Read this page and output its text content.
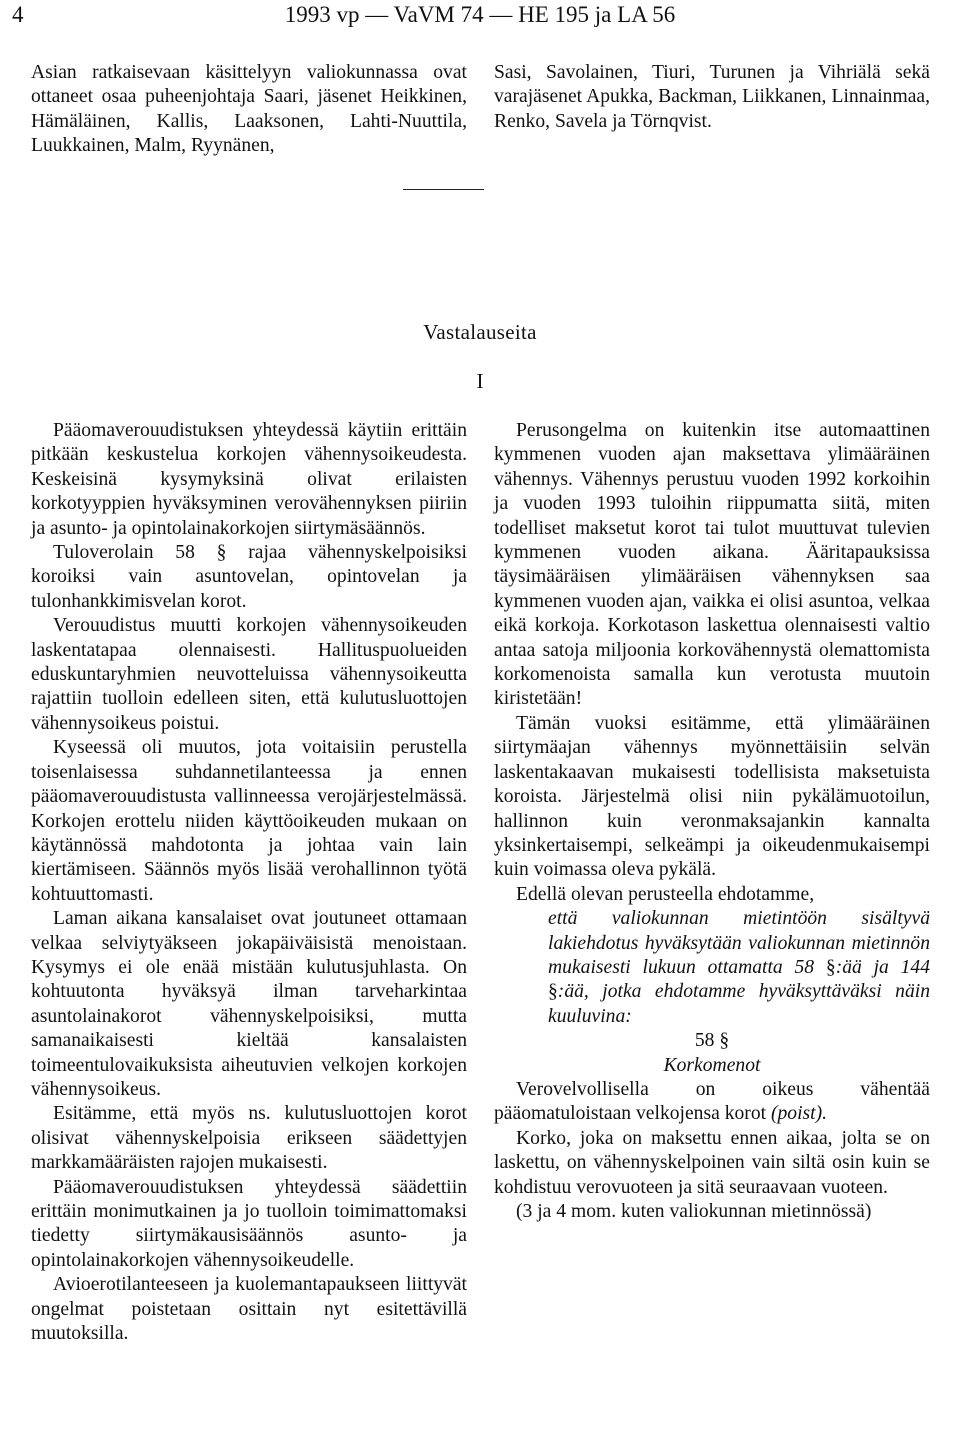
4	1993 vp — VaVM 74 — HE 195 ja LA 56

Asian ratkaisevaan käsittelyyn valiokunnassa ovat ottaneet osaa puheenjohtaja Saari, jäsenet Heikkinen, Hämäläinen, Kallis, Laaksonen, Lahti-Nuuttila, Luukkainen, Malm, Ryynänen,

Sasi, Savolainen, Tiuri, Turunen ja Vihriälä sekä varajäsenet Apukka, Backman, Liikkanen, Linnainmaa, Renko, Savela ja Törnqvist.

Vastalauseita
I

Pääomaverouudistuksen yhteydessä käytiin erittäin pitkään keskustelua korkojen vähennysoikeudesta. Keskeisinä kysymyksinä olivat erilaisten korkotyyppien hyväksyminen verovähennyksen piiriin ja asunto- ja opintolainakorkojen siirtymäsäännös.

Tuloverolain 58 § rajaa vähennyskelpoisiksi koroiksi vain asuntovelan, opintovelan ja tulonhankkimisvelan korot.

Verouudistus muutti korkojen vähennysoikeuden laskentatapaa olennaisesti. Hallituspuolueiden eduskuntaryhmien neuvotteluissa vähennysoikeutta rajattiin tuolloin edelleen siten, että kulutusluottojen vähennysoikeus poistui.

Kyseessä oli muutos, jota voitaisiin perustella toisenlaisessa suhdannetilanteessa ja ennen pääomaverouudistusta vallinneessa verojärjestelmässä. Korkojen erottelu niiden käyttöoikeuden mukaan on käytännössä mahdotonta ja johtaa vain lain kiertämiseen. Säännös myös lisää verohallinnon työtä kohtuuttomasti.

Laman aikana kansalaiset ovat joutuneet ottamaan velkaa selviytyäkseen jokapäiväisistä menoistaan. Kysymys ei ole enää mistään kulutusjuhlasta. On kohtuutonta hyväksyä ilman tarveharkintaa asuntolainakorot vähennyskelpoisiksi, mutta samanaikaisesti kieltää kansalaisten toimeentulovaikuksista aiheutuvien velkojen korkojen vähennysoikeus.

Esitämme, että myös ns. kulutusluottojen korot olisivat vähennyskelpoisia erikseen säädettyjen markkamääräisten rajojen mukaisesti.

Pääomaverouudistuksen yhteydessä säädettiin erittäin monimutkainen ja jo tuolloin toimimattomaksi tiedetty siirtymäkausisäännös asunto- ja opintolainakorkojen vähennysoikeudelle.

Avioerotilanteeseen ja kuolemantapaukseen liittyvät ongelmat poistetaan osittain nyt esitettävillä muutoksilla.

Perusongelma on kuitenkin itse automaattinen kymmenen vuoden ajan maksettava ylimääräinen vähennys. Vähennys perustuu vuoden 1992 korkoihin ja vuoden 1993 tuloihin riippumatta siitä, miten todelliset maksetut korot tai tulot muuttuvat tulevien kymmenen vuoden aikana. Ääritapauksissa täysimääräisen ylimääräisen vähennyksen saa kymmenen vuoden ajan, vaikka ei olisi asuntoa, velkaa eikä korkoja. Korkotason laskettua olennaisesti valtio antaa satoja miljoonia korkovähennystä olemattomista korkomenoista samalla kun verotusta muutoin kiristetään!

Tämän vuoksi esitämme, että ylimääräinen siirtymäajan vähennys myönnettäisiin selvän laskentakaavan mukaisesti todellisista maksetuista koroista. Järjestelmä olisi niin pykälämuotoilun, hallinnon kuin veronmaksajankin kannalta yksinkertaisempi, selkeämpi ja oikeudenmukaisempi kuin voimassa oleva pykälä.

Edellä olevan perusteella ehdotamme,

että valiokunnan mietintöön sisältyvä lakiehdotus hyväksytään valiokunnan mietinnön mukaisesti lukuun ottamatta 58 §:ää ja 144 §:ää, jotka ehdotamme hyväksyttäväksi näin kuuluvina:

58 §

Korkomenot

Verovelvollisella on oikeus vähentää pääomatuloistaan velkojensa korot (poist).

Korko, joka on maksettu ennen aikaa, jolta se on laskettu, on vähennyskelpoinen vain siltä osin kuin se kohdistuu verovuoteen ja sitä seuraavaan vuoteen.

(3 ja 4 mom. kuten valiokunnan mietinnössä)
